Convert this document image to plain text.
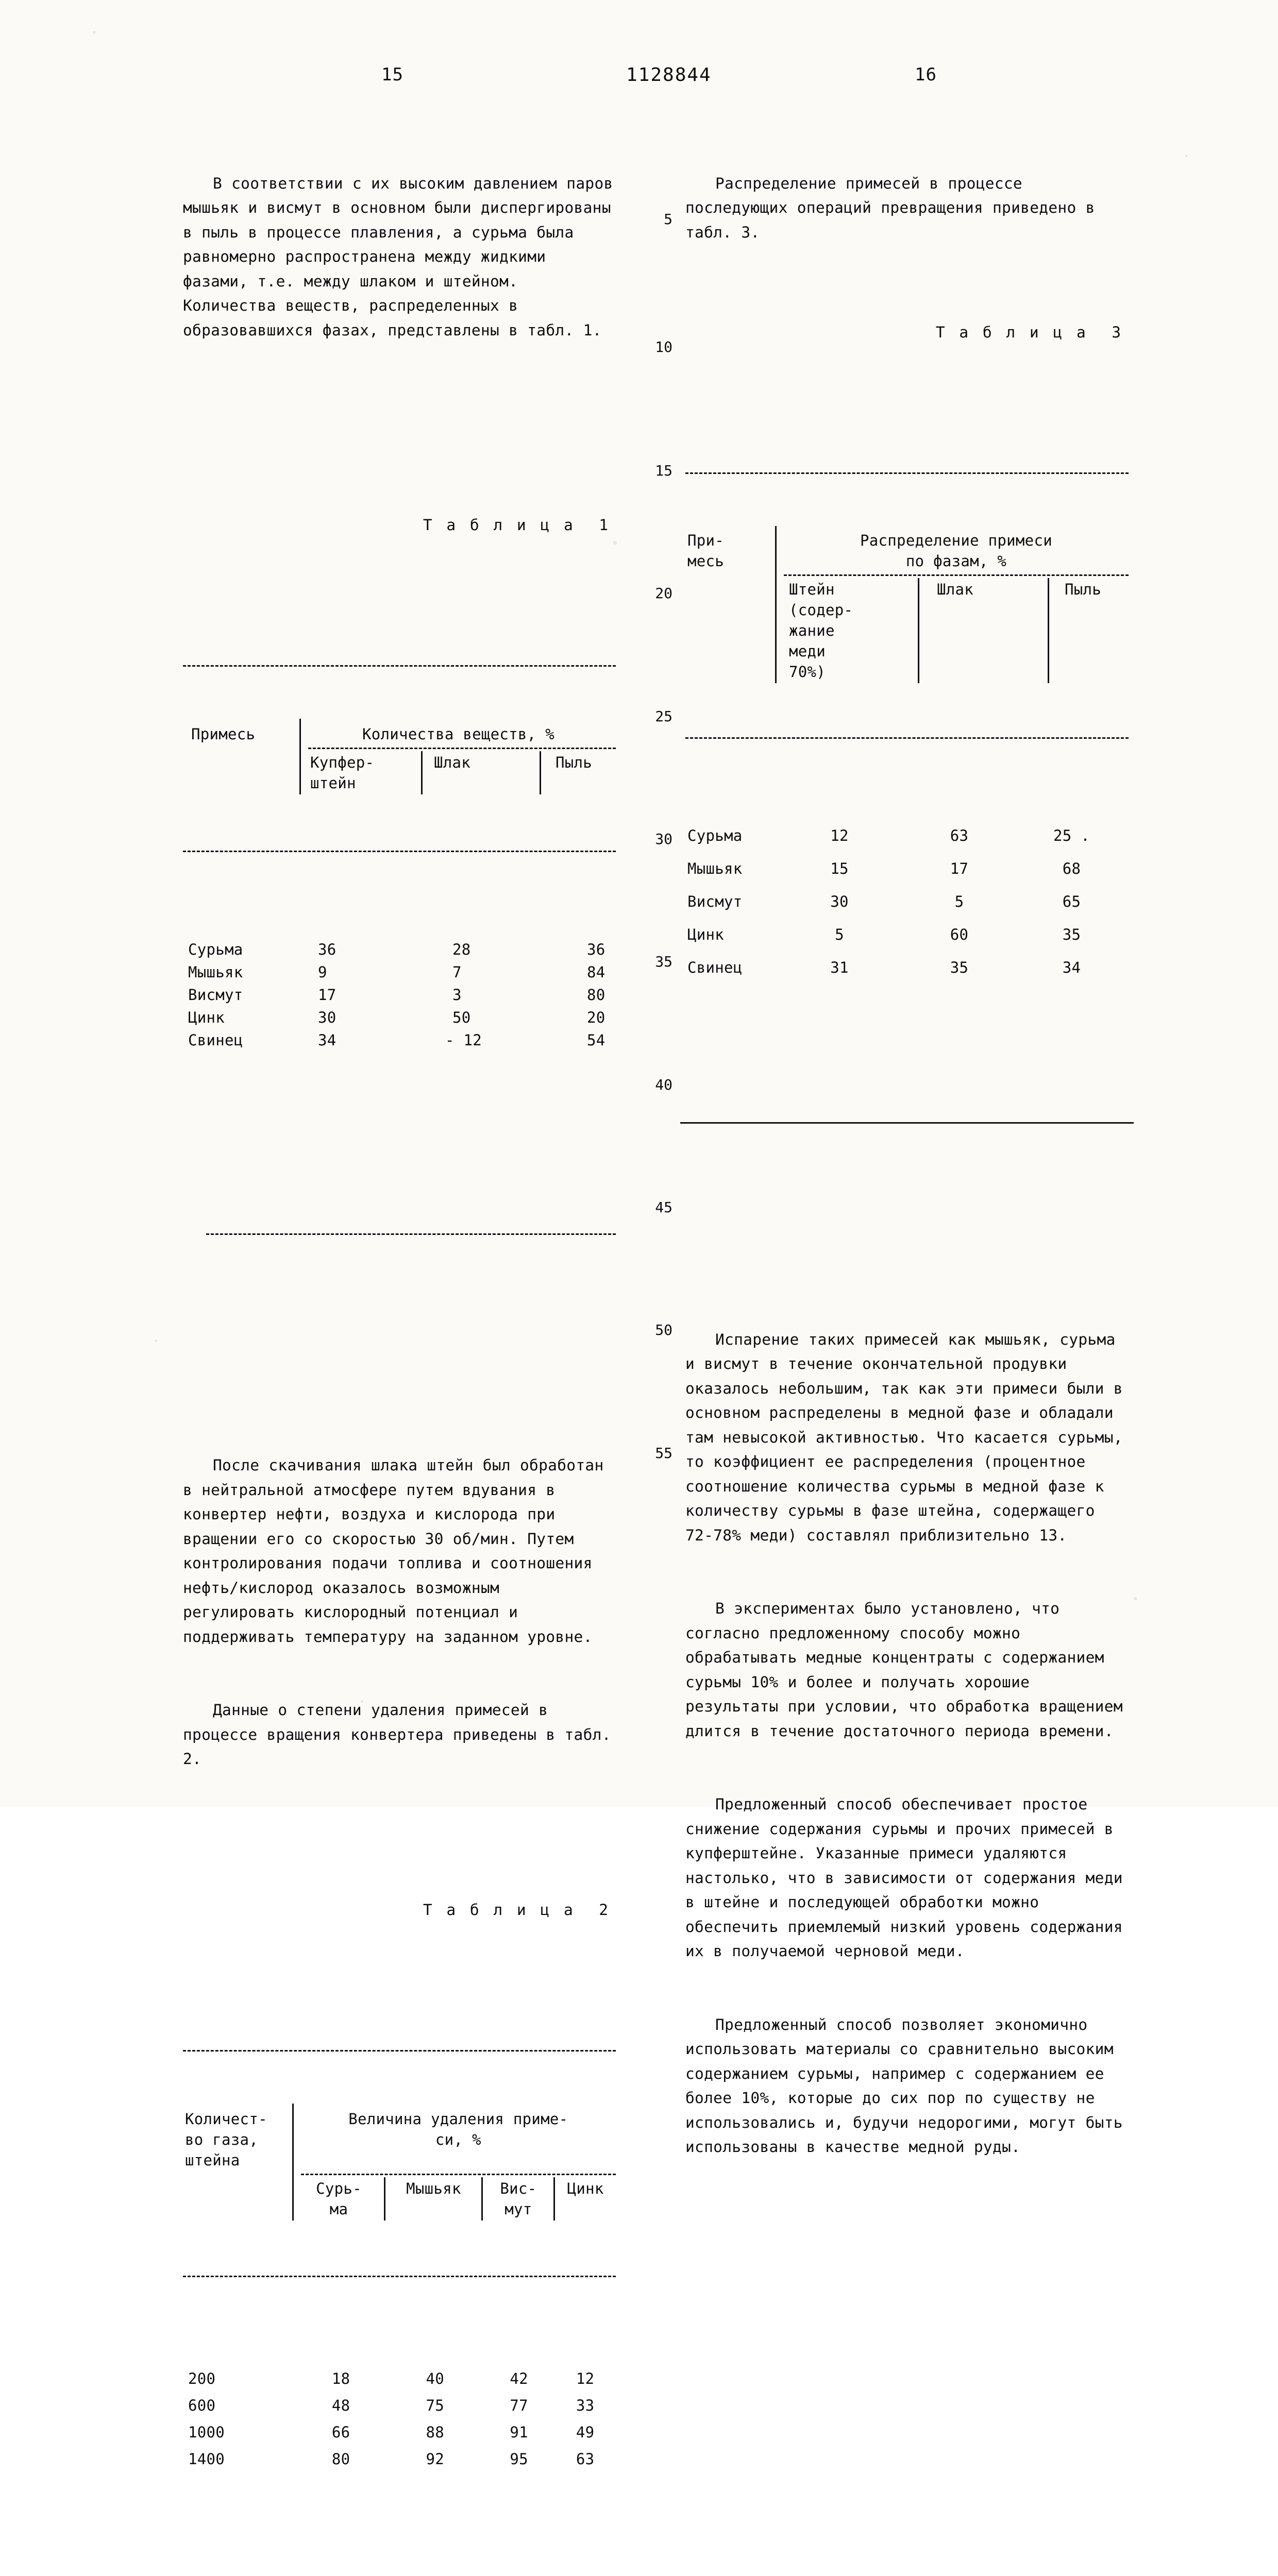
15	1128844	16
5
10
15
20
25
30
35
40
45
50
55

В соответствии с их высоким давлением паров мышьяк и висмут в основном были диспергированы в пыль в процессе плавления, а сурьма была равномерно распространена между жидкими фазами, т.е. между шлаком и штейном. Количества веществ, распределенных в образовавшихся фазах, представлены в табл. 1.

Т а б л и ц а  1

Примесь	Количества веществ, %		

	Купфер-
штейн	Шлак	Пыль

Сурьма	36	28	36
Мышьяк	9	7	84
Висмут	17	3	80
Цинк	30	50	20
Свинец	34	- 12	54

После скачивания шлака штейн был обработан в нейтральной атмосфере путем вдувания в конвертер нефти, воздуха и кислорода при вращении его со скоростью 30 об/мин. Путем контролирования подачи топлива и соотношения нефть/кислород оказалось возможным регулировать кислородный потенциал и поддерживать температуру на заданном уровне.

Данные о степени удаления примесей в процессе вращения конвертера приведены в табл. 2.

Т а б л и ц а  2

Количест-
во газа,
штейна	Величина удаления приме-
си, %			

	Сурь-
ма	Мышьяк	Вис-
мут	Цинк

200	18	40	42	12
600	48	75	77	33
1000	66	88	91	49
1400	80	92	95	63

Распределение примесей в процессе последующих операций превращения приведено в табл. 3.

Т а б л и ц а  3

При-
месь	Распределение примеси
по фазам, %		

	Штейн
(содер-
жание
меди
70%)	Шлак	Пыль

Сурьма	12	63	25 .
Мышьяк	15	17	68
Висмут	30	5	65
Цинк	5	60	35
Свинец	31	35	34

Испарение таких примесей как мышьяк, сурьма и висмут в течение окончательной продувки оказалось небольшим, так как эти примеси были в основном распределены в медной фазе и обладали там невысокой активностью. Что касается сурьмы, то коэффициент ее распределения (процентное соотношение количества сурьмы в медной фазе к количеству сурьмы в фазе штейна, содержащего 72-78% меди) составлял приблизительно 13.

В экспериментах было установлено, что согласно предложенному способу можно обрабатывать медные концентраты с содержанием сурьмы 10% и более и получать хорошие результаты при условии, что обработка вращением длится в течение достаточного периода времени.

Предложенный способ обеспечивает простое снижение содержания сурьмы и прочих примесей в купферштейне. Указанные примеси удаляются настолько, что в зависимости от содержания меди в штейне и последующей обработки можно обеспечить приемлемый низкий уровень содержания их в получаемой черновой меди.

Предложенный способ позволяет экономично использовать материалы со сравнительно высоким содержанием сурьмы, например с содержанием ее более 10%, которые до сих пор по существу не использовались и, будучи недорогими, могут быть использованы в качестве медной руды.
